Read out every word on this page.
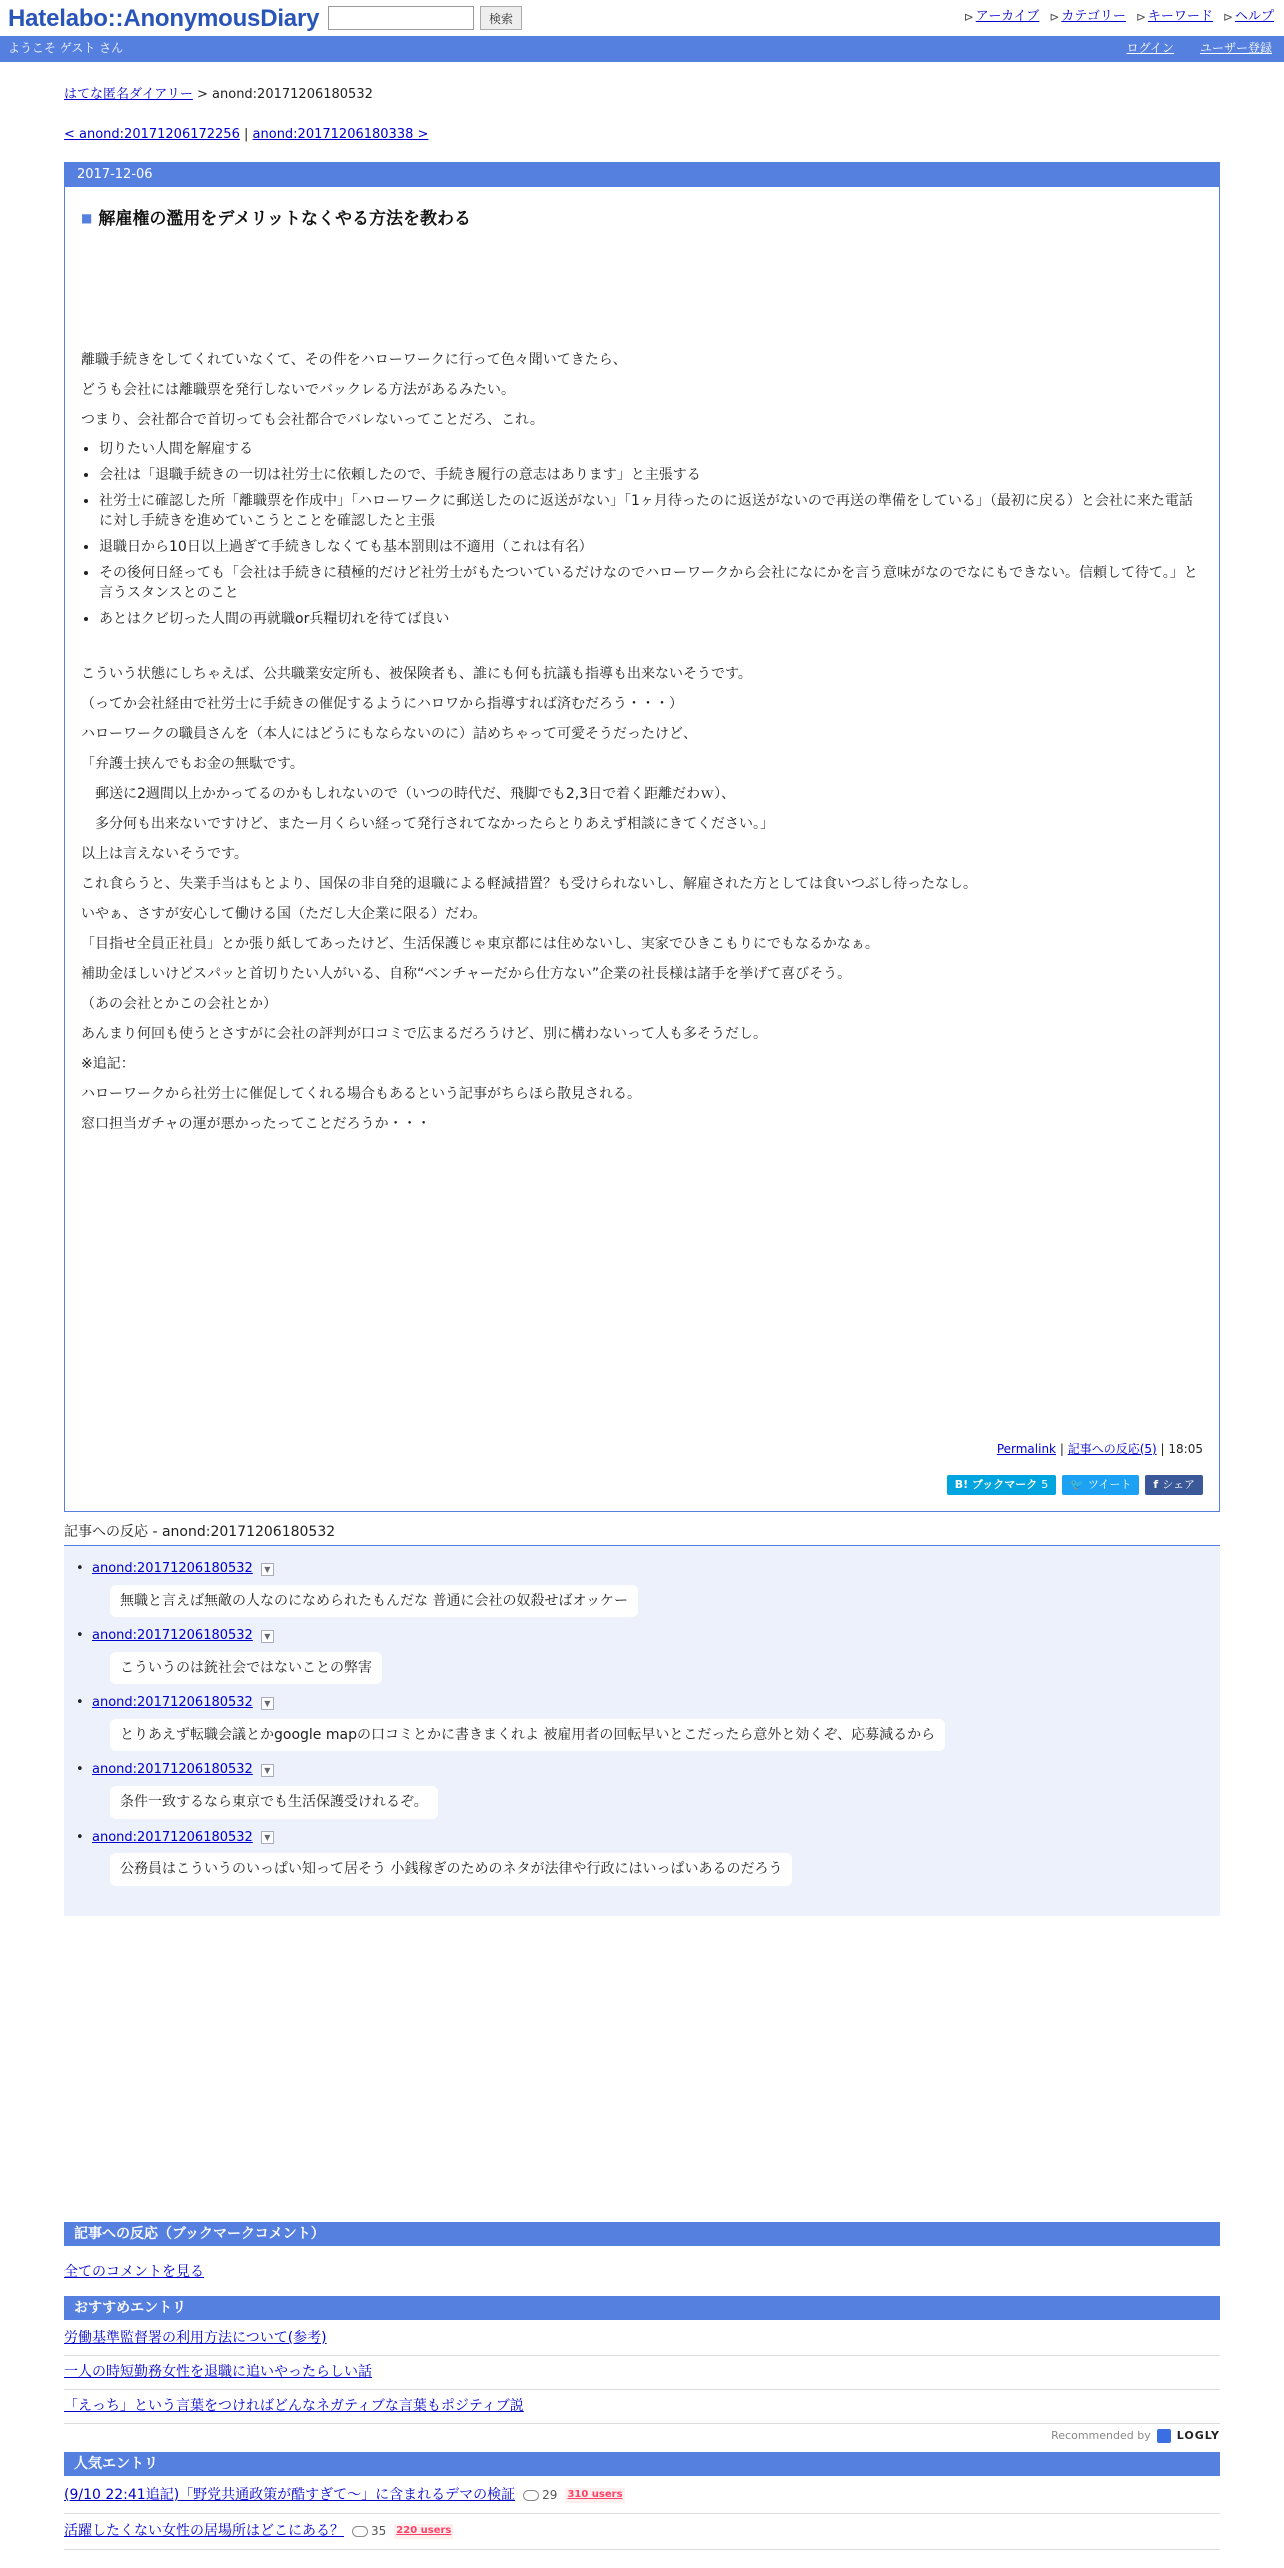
Hatelabo::AnonymousDiary	検索	⊳ アーカイブ ⊳ カテゴリー ⊳ キーワード ⊳ ヘルプ
ようこそ ゲスト さん	ログイン ユーザー登録
はてな匿名ダイアリー > anond:20171206180532
< anond:20171206172256 | anond:20171206180338 >
2017-12-06
■ 解雇権の濫用をデメリットなくやる方法を教わる

離職手続きをしてくれていなくて、その件をハローワークに行って色々聞いてきたら、

どうも会社には離職票を発行しないでバックレる方法があるみたい。

つまり、会社都合で首切っても会社都合でバレないってことだろ、これ。

• 切りたい人間を解雇する
• 会社は「退職手続きの一切は社労士に依頼したので、手続き履行の意志はあります」と主張する
• 社労士に確認した所「離職票を作成中」「ハローワークに郵送したのに返送がない」「1ヶ月待ったのに返送がないので再送の準備をしている」（最初に戻る）と会社に来た電話に対し手続きを進めていこうとことを確認したと主張
• 退職日から10日以上過ぎて手続きしなくても基本罰則は不適用（これは有名）
• その後何日経っても「会社は手続きに積極的だけど社労士がもたついているだけなのでハローワークから会社になにかを言う意味がなのでなにもできない。信頼して待て。」と言うスタンスとのこと
• あとはクビ切った人間の再就職or兵糧切れを待てば良い

こういう状態にしちゃえば、公共職業安定所も、被保険者も、誰にも何も抗議も指導も出来ないそうです。

（ってか会社経由で社労士に手続きの催促するようにハロワから指導すれば済むだろう・・・）

ハローワークの職員さんを（本人にはどうにもならないのに）詰めちゃって可愛そうだったけど、

「弁護士挟んでもお金の無駄です。

　郵送に2週間以上かかってるのかもしれないので（いつの時代だ、飛脚でも2,3日で着く距離だわｗ）、

　多分何も出来ないですけど、またー月くらい経って発行されてなかったらとりあえず相談にきてください。」

以上は言えないそうです。

これ食らうと、失業手当はもとより、国保の非自発的退職による軽減措置？も受けられないし、解雇された方としては食いつぶし待ったなし。

いやぁ、さすが安心して働ける国（ただし大企業に限る）だわ。

「目指せ全員正社員」とか張り紙してあったけど、生活保護じゃ東京都には住めないし、実家でひきこもりにでもなるかなぁ。

補助金ほしいけどスパッと首切りたい人がいる、自称“ベンチャーだから仕方ない”企業の社長様は諸手を挙げて喜びそう。

（あの会社とかこの会社とか）

あんまり何回も使うとさすがに会社の評判が口コミで広まるだろうけど、別に構わないって人も多そうだし。

※追記：

ハローワークから社労士に催促してくれる場合もあるという記事がちらほら散見される。

窓口担当ガチャの運が悪かったってことだろうか・・・

Permalink | 記事への反応(5) | 18:05
B! ブックマーク 5 🐦 ツイート f シェア
記事への反応 - anond:20171206180532
• anond:20171206180532	▼
無職と言えば無敵の人なのになめられたもんだな 普通に会社の奴殺せばオッケー
• anond:20171206180532	▼
こういうのは銃社会ではないことの弊害
• anond:20171206180532	▼
とりあえず転職会議とかgoogle mapの口コミとかに書きまくれよ 被雇用者の回転早いとこだったら意外と効くぞ、応募減るから
• anond:20171206180532	▼
条件一致するなら東京でも生活保護受けれるぞ。
• anond:20171206180532	▼
公務員はこういうのいっぱい知って居そう 小銭稼ぎのためのネタが法律や行政にはいっぱいあるのだろう
記事への反応（ブックマークコメント）
全てのコメントを見る
おすすめエントリ
労働基準監督署の利用方法について(参考)
一人の時短勤務女性を退職に追いやったらしい話
「えっち」という言葉をつければどんなネガティブな言葉もポジティブ説
Recommended by LOGLY
人気エントリ
(9/10 22:41追記)「野党共通政策が酷すぎて～」に含まれるデマの検証 29 310 users
活躍したくない女性の居場所はどこにある？ 35 220 users
